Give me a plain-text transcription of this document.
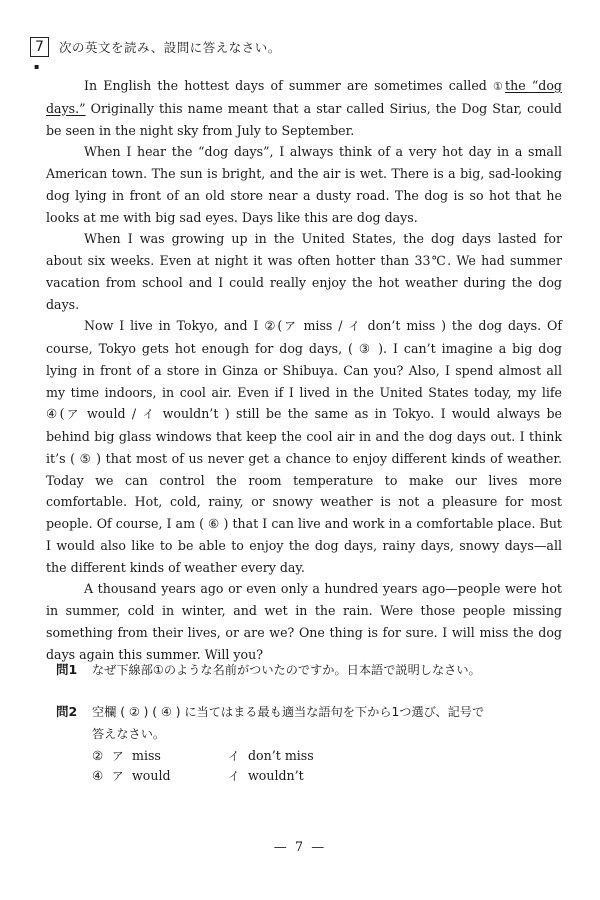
7	次の英文を読み、設問に答えなさい。
▪

In English the hottest days of summer are sometimes called ①the “dog days.” Originally this name meant that a star called Sirius, the Dog Star, could be seen in the night sky from July to September.

When I hear the “dog days”, I always think of a very hot day in a small American town. The sun is bright, and the air is wet. There is a big, sad-looking dog lying in front of an old store near a dusty road. The dog is so hot that he looks at me with big sad eyes. Days like this are dog days.

When I was growing up in the United States, the dog days lasted for about six weeks. Even at night it was often hotter than 33℃. We had summer vacation from school and I could really enjoy the hot weather during the dog days.

Now I live in Tokyo, and I ②(ア miss / イ don’t miss ) the dog days. Of course, Tokyo gets hot enough for dog days, ( ③ ). I can’t imagine a big dog lying in front of a store in Ginza or Shibuya. Can you? Also, I spend almost all my time indoors, in cool air. Even if I lived in the United States today, my life ④(ア would / イ wouldn’t ) still be the same as in Tokyo. I would always be behind big glass windows that keep the cool air in and the dog days out. I think it’s ( ⑤ ) that most of us never get a chance to enjoy different kinds of weather. Today we can control the room temperature to make our lives more comfortable. Hot, cold, rainy, or snowy weather is not a pleasure for most people. Of course, I am ( ⑥ ) that I can live and work in a comfortable place. But I would also like to be able to enjoy the dog days, rainy days, snowy days—all the different kinds of weather every day.

A thousand years ago or even only a hundred years ago—people were hot in summer, cold in winter, and wet in the rain. Were those people missing something from their lives, or are we? One thing is for sure. I will miss the dog days again this summer. Will you?

問1 なぜ下線部①のような名前がついたのですか。日本語で説明しなさい。
問2 空欄 ( ② ) ( ④ ) に当てはまる最も適当な語句を下から1つ選び、記号で
答えなさい。
② ア miss	イ don’t miss
④ ア would	イ wouldn’t
— 7 —
